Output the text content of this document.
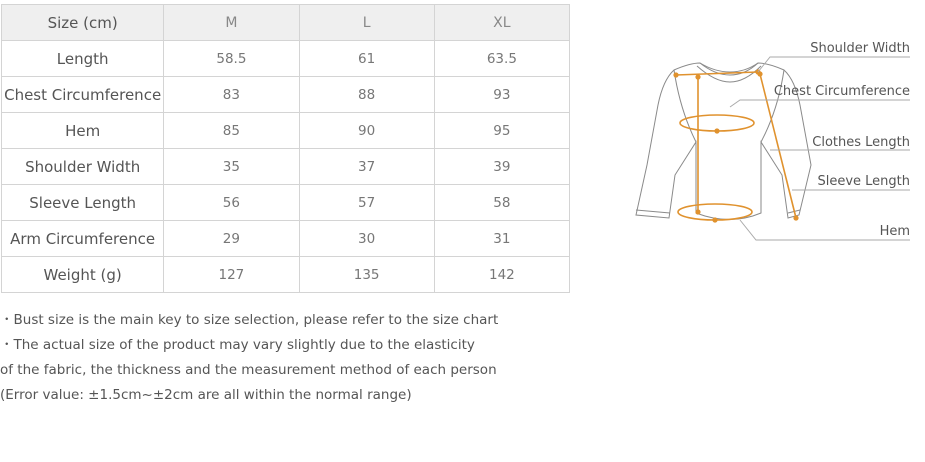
Size (cm)	M	L	XL
Length	58.5	61	63.5
Chest Circumference	83	88	93
Hem	85	90	95
Shoulder Width	35	37	39
Sleeve Length	56	57	58
Arm Circumference	29	30	31
Weight (g)	127	135	142
・Bust size is the main key to size selection, please refer to the size chart
・The actual size of the product may vary slightly due to the elasticity
of the fabric, the thickness and the measurement method of each person
(Error value: ±1.5cm~±2cm are all within the normal range)
Shoulder Width
Chest Circumference
Clothes Length
Sleeve Length
Hem
